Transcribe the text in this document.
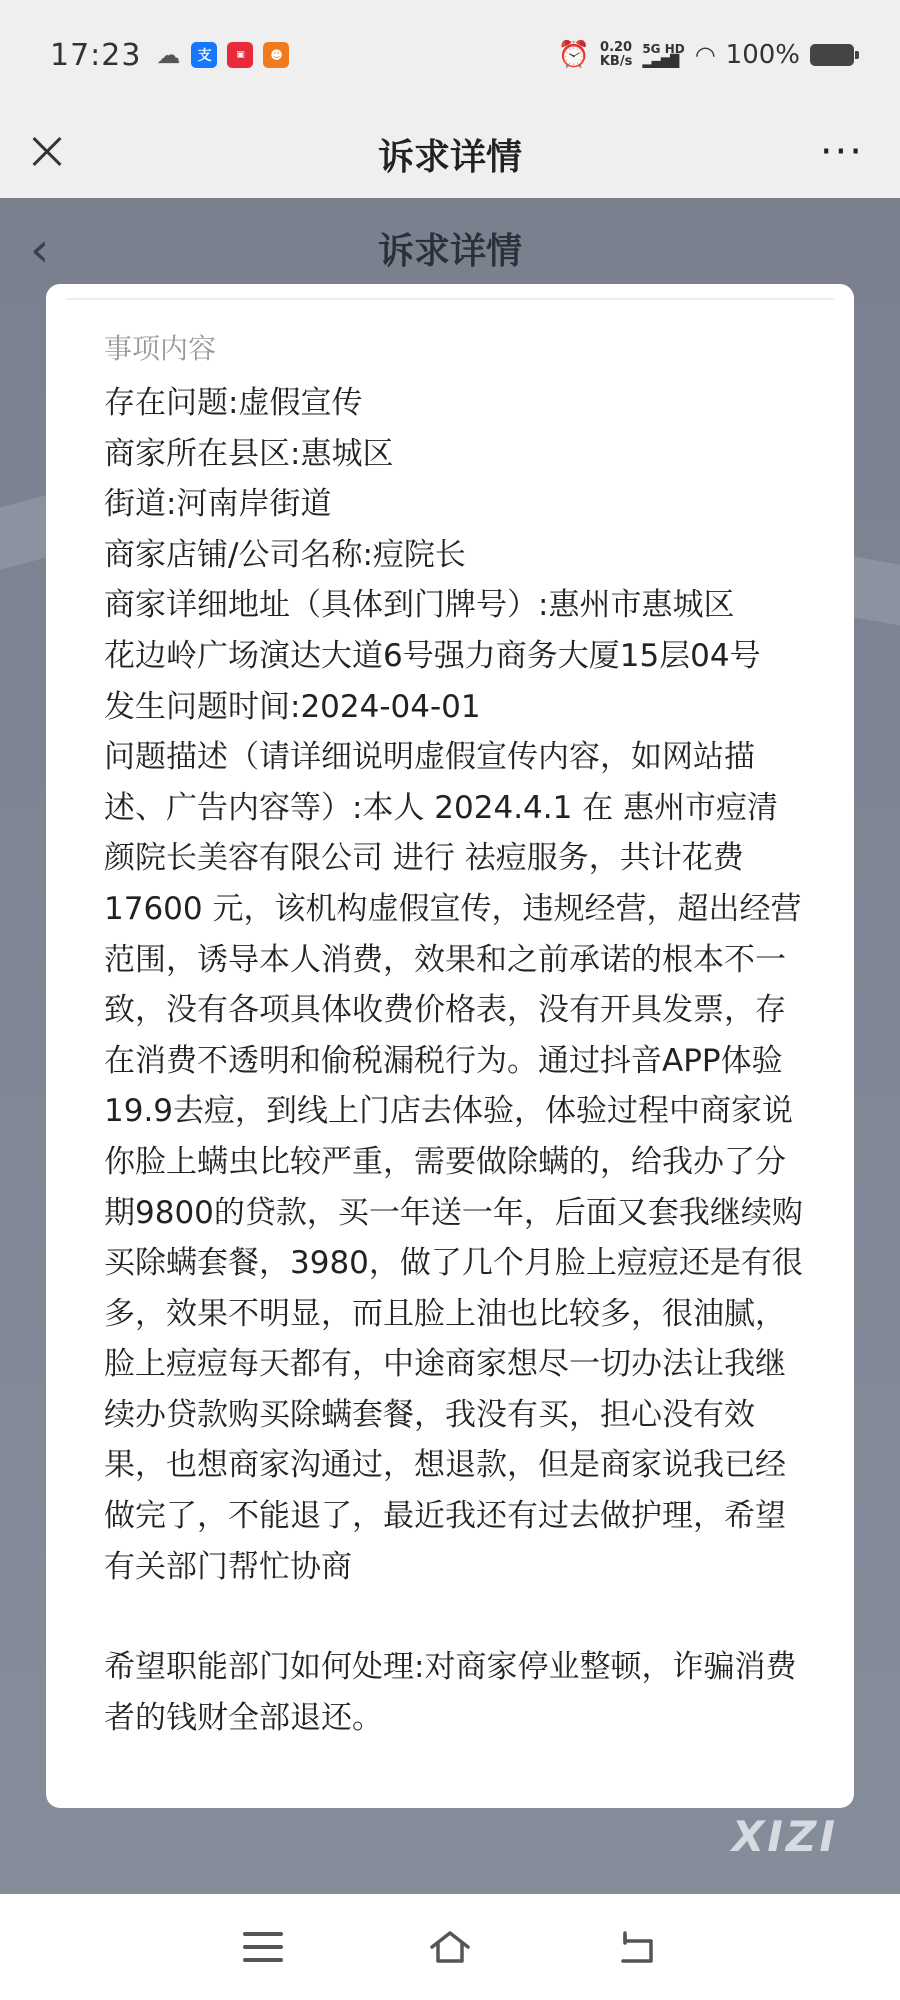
17:23 ☁	支	▣	☻	⏰ 0.20
KB/s
5G HD
▂▄▆█ ◠ 100%
诉求详情	···
‹	诉求详情
事项内容
存在问题:虚假宣传
商家所在县区:惠城区
街道:河南岸街道
商家店铺/公司名称:痘院长
商家详细地址（具体到门牌号）:惠州市惠城区
花边岭广场演达大道6号强力商务大厦15层04号
发生问题时间:2024-04-01
问题描述（请详细说明虚假宣传内容，如网站描述、广告内容等）:本人 2024.4.1 在 惠州市痘清颜院长美容有限公司 进行 祛痘服务，共计花费 17600 元，该机构虚假宣传，违规经营，超出经营范围，诱导本人消费，效果和之前承诺的根本不一致，没有各项具体收费价格表，没有开具发票，存在消费不透明和偷税漏税行为。通过抖音APP体验19.9去痘，到线上门店去体验，体验过程中商家说你脸上螨虫比较严重，需要做除螨的，给我办了分期9800的贷款，买一年送一年，后面又套我继续购买除螨套餐，3980，做了几个月脸上痘痘还是有很多，效果不明显，而且脸上油也比较多，很油腻，脸上痘痘每天都有，中途商家想尽一切办法让我继续办贷款购买除螨套餐，我没有买，担心没有效果，也想商家沟通过，想退款，但是商家说我已经做完了，不能退了，最近我还有过去做护理，希望有关部门帮忙协商
希望职能部门如何处理:对商家停业整顿，诈骗消费者的钱财全部退还。
XIZI
